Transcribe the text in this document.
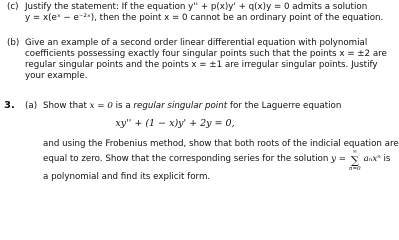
(c) Justify the statement: If the equation y'' + p(x)y' + q(x)y = 0 admits a solution
y = x(eˣ − e⁻²ˣ), then the point x = 0 cannot be an ordinary point of the equation.
(b) Give an example of a second order linear differential equation with polynomial
coefficients possessing exactly four singular points such that the points x = ±2 are
regular singular points and the points x = ±1 are irregular singular points. Justify
your example.
3. (a) Show that x = 0 is a regular singular point for the Laguerre equation
xy'' + (1 − x)y' + 2y = 0,
and using the Frobenius method, show that both roots of the indicial equation are
equal to zero. Show that the corresponding series for the solution y =
∞
∑
n=0
aₙxⁿ is
a polynomial and find its explicit form.
